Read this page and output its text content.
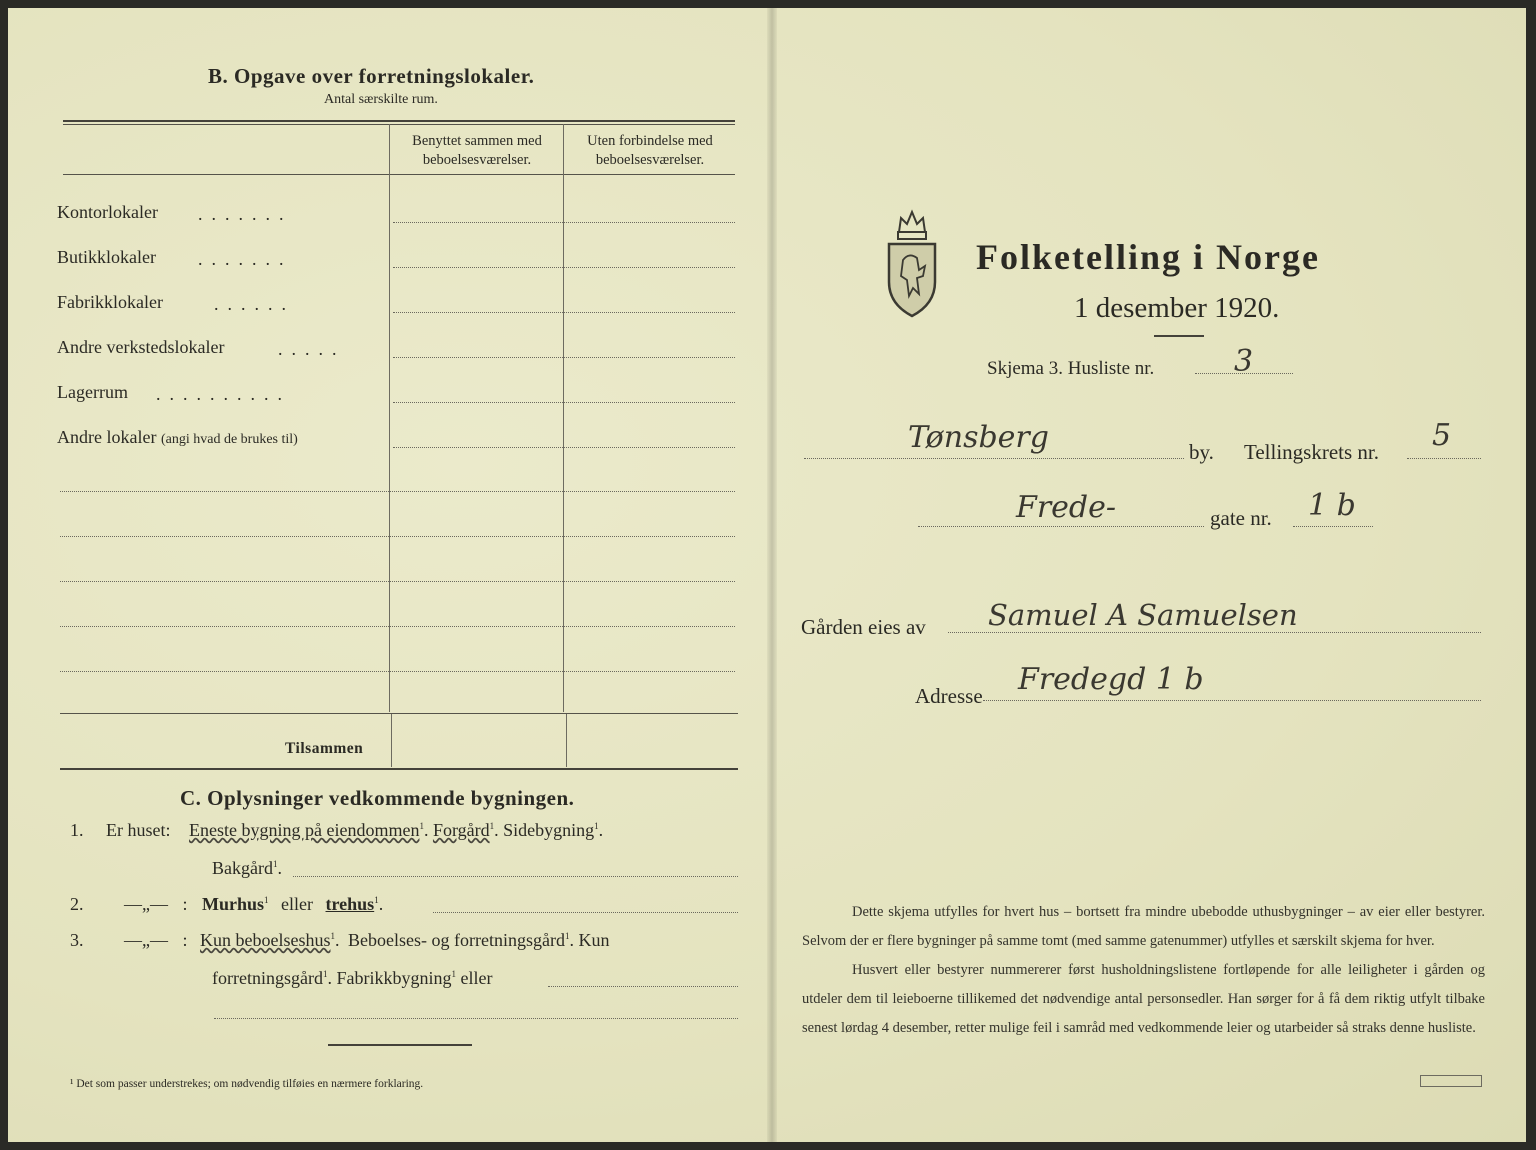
B. Opgave over forretningslokaler.
Antal særskilte rum.
Benyttet sammen med
beboelsesværelser.
Uten forbindelse med
beboelsesværelser.
Kontorlokaler .......
Butikklokaler .......
Fabrikklokaler	......
Andre verkstedslokaler	.....
Lagerrum ..........
Andre lokaler (angi hvad de brukes til)
Tilsammen
C. Oplysninger vedkommende bygningen.
1. Er huset: Eneste bygning på eiendommen$^1$. Forgård$^1$. Sidebygning$^1$.
Bakgård$^1$.
2. —„— : Murhus$^1$ eller trehus$^1$.
3. —„— : Kun beboelseshus$^1$. Beboelses- og forretningsgård$^1$. Kun
forretningsgård$^1$. Fabrikkbygning$^1$ eller
¹ Det som passer understrekes; om nødvendig tilføies en nærmere forklaring.
Folketelling i Norge
1 desember 1920.
Skjema 3. Husliste nr.	3
Tønsberg	by. Tellingskrets nr. 5
Frede-	gate nr. 1 b
Gården eies av Samuel A Samuelsen
Adresse Fredegd 1 b
Dette skjema utfylles for hvert hus – bortsett fra mindre ubebodde uthusbygninger – av eier eller bestyrer. Selvom der er flere bygninger på samme tomt (med samme gatenummer) utfylles et særskilt skjema for hver.
Husvert eller bestyrer nummererer først husholdningslistene fortløpende for alle leiligheter i gården og utdeler dem til leieboerne tillikemed det nødvendige antal personsedler. Han sørger for å få dem riktig utfylt tilbake senest lørdag 4 desember, retter mulige feil i samråd med vedkommende leier og utarbeider så straks denne husliste.
